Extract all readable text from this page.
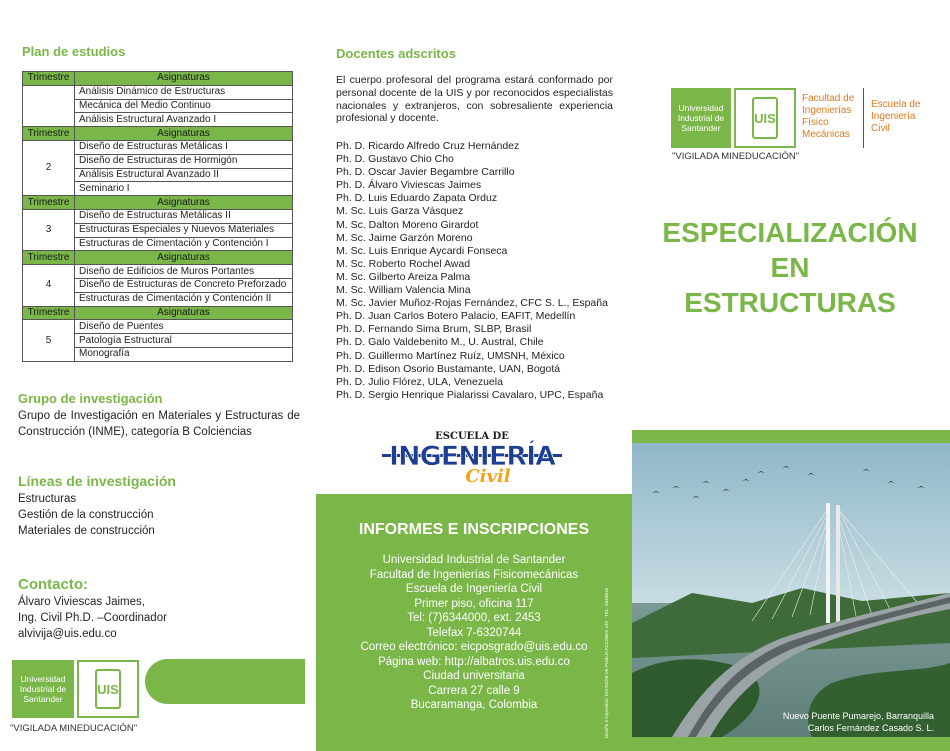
Plan de estudios
Trimestre	Asignaturas
	Análisis Dinámico de Estructuras
	Mecánica del Medio Continuo
	Análisis Estructural Avanzado I
Trimestre	Asignaturas
2	Diseño de Estructuras Metálicas I
	Diseño de Estructuras de Hormigón
	Análisis Estructural Avanzado II
	Seminario I
Trimestre	Asignaturas
3	Diseño de Estructuras Metálicas II
	Estructuras Especiales y Nuevos Materiales
	Estructuras de Cimentación y Contención I
Trimestre	Asignaturas
4	Diseño de Edificios de Muros Portantes
	Diseño de Estructuras de Concreto Preforzado
	Estructuras de Cimentación y Contención II
Trimestre	Asignaturas
5	Diseño de Puentes
	Patología Estructural
	Monografía
Grupo de investigación
Grupo de Investigación en Materiales y Estructuras de Construcción (INME), categoría B Colciencias
Líneas de investigación
Estructuras
Gestión de la construcción
Materiales de construcción
Contacto:
Álvaro Viviescas Jaimes,
Ing. Civil Ph.D. –Coordinador
alvivija@uis.edu.co
Universidad Industrial de Santander
UIS
"VIGILADA MINEDUCACIÓN"
Docentes adscritos
El cuerpo profesoral del programa estará conformado por personal docente de la UIS y por reconocidos especialistas nacionales y extranjeros, con sobresaliente experiencia profesional y docente.
Ph. D. Ricardo Alfredo Cruz Hernández
Ph. D. Gustavo Chio Cho
Ph. D. Oscar Javier Begambre Carrillo
Ph. D. Álvaro Viviescas Jaimes
Ph. D. Luis Eduardo Zapata Orduz
M. Sc. Luis Garza Vásquez
M. Sc. Dalton Moreno Girardot
M. Sc. Jaime Garzón Moreno
M. Sc. Luis Enrique Aycardi Fonseca
M. Sc. Roberto Rochel Awad
M. Sc. Gilberto Areiza Palma
M. Sc. William Valencia Mina
M. Sc. Javier Muñoz-Rojas Fernández, CFC S. L., España
Ph. D. Juan Carlos Botero Palacio, EAFIT, Medellín
Ph. D. Fernando Sima Brum, SLBP, Brasil
Ph. D. Galo Valdebenito M., U. Austral, Chile
Ph. D. Guillermo Martínez Ruíz, UMSNH, México
Ph. D. Edison Osorio Bustamante, UAN, Bogotá
Ph. D. Julio Flórez, ULA, Venezuela
Ph. D. Sergio Henrique Pialarissi Cavalaro, UPC, España
ESCUELA DE
INGENIERÍA
Civil
INFORMES E INSCRIPCIONES
Universidad Industrial de Santander
Facultad de Ingenierías Fisicomecánicas
Escuela de Ingeniería Civil
Primer piso, oficina 117
Tel: (7)6344000, ext. 2453
Telefax 7-6320744
Correo electrónico: eicposgrado@uis.edu.co
Página web: http://albatros.uis.edu.co
Ciudad universitaria
Carrera 27 calle 9
Bucaramanga, Colombia	Diseño e impresión: DIVISIÓN DE PUBLICACIONES UIS · TEL. 6344616
Universidad Industrial de Santander
UIS
"VIGILADA MINEDUCACIÓN"
Facultad de Ingenierías Físico Mecánicas
Escuela de Ingeniería Civil
ESPECIALIZACIÓN
EN
ESTRUCTURAS
Nuevo Puente Pumarejo, Barranquilla
Carlos Fernández Casado S. L.
